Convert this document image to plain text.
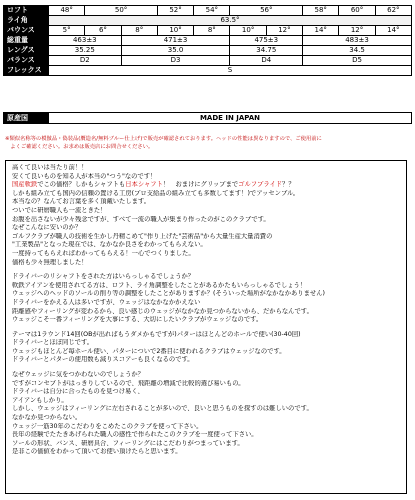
ロフト	48°	50°		52°	54°	56°		58°	60°	62°
ライ角	63.5°									
バウンス	5°	6°	8°	10°	8°	10°	12°	14°	12°	14°
総重量	463±3		471±3			475±3		483±3		
レングス	35.25		35.0			34.75		34.5		
バランス	D2		D3			D4		D5		
フレックス	S									
原産国	MADE IN JAPAN

※類似名称等の模倣品・偽装品(贋造名/無料ブルー仕上げ)で販売が確認されております。ヘッドの性能は異なりますので、ご使用前に

　よくご確認ください。お求めは販売店にお問合せください。

高くて良いは当たり前！！
安くて良いものを知る人が本当の"つう"なのです！
国産軟鉄でこの価格？しかもシャフトも日本シャフト！　おまけにグリップまでゴルフプライド？？
しかも組み立ても国内の信頼の置ける工房(プロ支給品の組み立ても多数してます！)でアッセンブル。
本当なの？なんてお言葉を多く頂戴いたします。
ついでに研磨職人も一流ときた！
お腹を出さないが少々残念ですが、すべて一流の職人が集まり作ったのがこのクラブです。
なぜこんなに安いのか？
ゴルフクラブが職人の技術を生かし丹精こめて"作り上げた"芸術品"から大量生産大量消費の
"工業製品"となった現在では、なかなか良さをわかってもらえない。
一度持ってもらえればわかってもらえる！一心でつくりました。
価格も少々無理しました！
ドライバーのリシャフトをされた方はいらっしゃるでしょうか？
軟鉄アイアンを使用されてる方は、ロフト、ライ角調整をしたことがあるかたもいらっしゃるでしょう！
ウェッジへのヘッドのソールの削り等の調整をしたことがありますか？(そういった場所がなかなかありません)
ドライバーをかえる人は多いですが、ウェッジはなかなかかえない
距離感やフィーリングが変わるから、良い感じのウェッジがなかなか見つからないから、だからなんです。
ウェッジこそ一番フィーリングを大事にする、大切にしたいクラブがウェッジなのです。
テーマは1ラウンド14回(OBが出ればもうダメかもですが)パターはほとんどのホールで使い(30-40回)
ドライバーとほぼ同じです。
ウェッジもほとんど毎ホール使い、パターについで2番目に使われるクラブはウェッジなのです。
ドライバーとパターの使用数も減りスコアーも良くなるのです。
なぜウェッジに気をつかわないのでしょうか？
ですがコンセプトがはっきりしているので、飛距離の増減で比較的選び易いもの。
ドライバーは自分に合ったものを見つけ易く、
アイアンもしかり。
しかし、ウェッジはフィーリングに左右されることが多いので、良いと思うものを探すのは難しいのです。
なかなか見つからない。
ウェッジ一筋30年のこだわりをこめたこのクラブを使って下さい。
長年の経験でたたきあげられた職人の感性で作られたこのクラブを一度使って下さい。
ソールの形状、バンス、研磨具合、フィーリングにはこだわりがつまっています。
是非この価値をわかって頂いてお使い頂けたらと思います。
